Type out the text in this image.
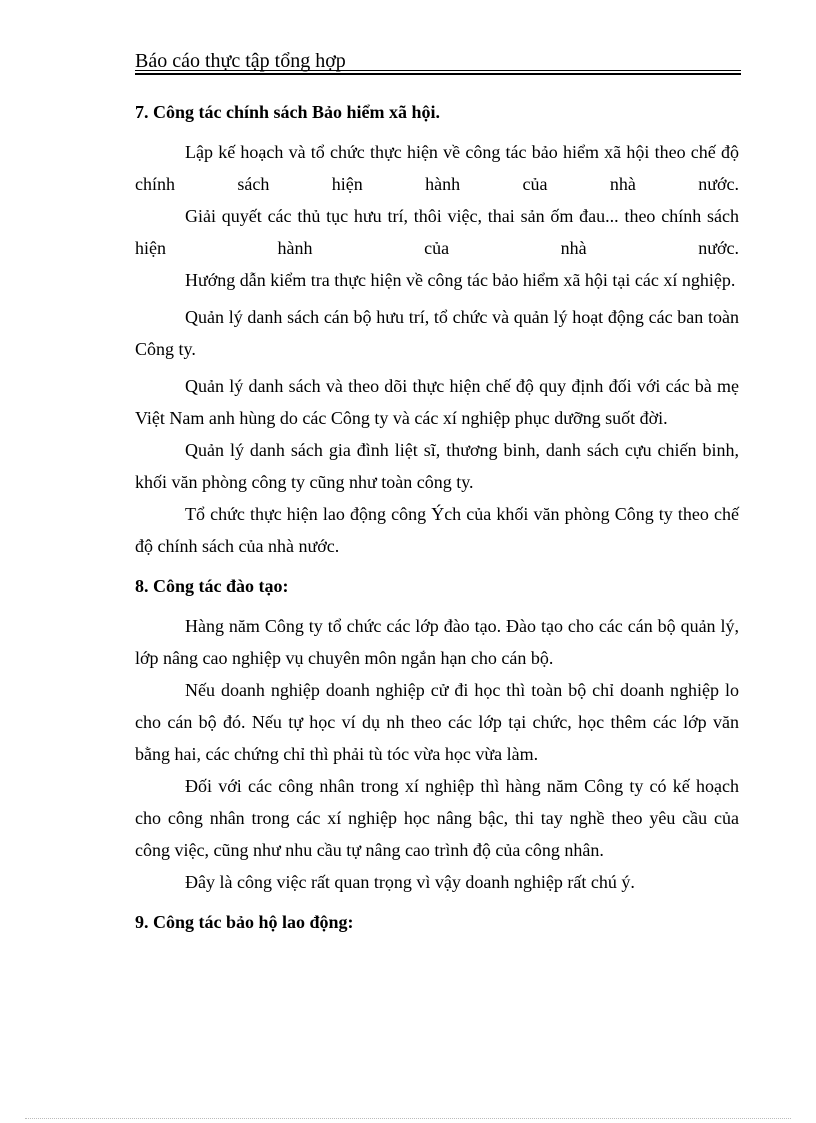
Báo cáo thực tập tổng hợp
7. Công tác chính sách Bảo hiểm xã hội.

Lập kế hoạch và tổ chức thực hiện về công tác bảo hiểm xã hội theo chế độ chính sách hiện hành của nhà nước.

Giải quyết các thủ tục hưu trí, thôi việc, thai sản ốm đau... theo chính sách hiện hành của nhà nước.

Hướng dẫn kiểm tra thực hiện về công tác bảo hiểm xã hội tại các xí nghiệp.

Quản lý danh sách cán bộ hưu trí, tổ chức và quản lý hoạt động các ban toàn Công ty.

Quản lý danh sách và theo dõi thực hiện chế độ quy định đối với các bà mẹ Việt Nam anh hùng do các Công ty và các xí nghiệp phục dưỡng suốt đời.

Quản lý danh sách gia đình liệt sĩ, thương binh, danh sách cựu chiến binh, khối văn phòng công ty cũng như toàn công ty.

Tổ chức thực hiện lao động công Ých của khối văn phòng Công ty theo chế độ chính sách của nhà nước.

8. Công tác đào tạo:

Hàng năm Công ty tổ chức các lớp đào tạo. Đào tạo cho các cán bộ quản lý, lớp nâng cao nghiệp vụ chuyên môn ngắn hạn cho cán bộ.

Nếu doanh nghiệp doanh nghiệp cử đi học thì toàn bộ chỉ doanh nghiệp lo cho cán bộ đó. Nếu tự học ví dụ nh theo các lớp tại chức, học thêm các lớp văn bằng hai, các chứng chỉ thì phải tù tóc vừa học vừa làm.

Đối với các công nhân trong xí nghiệp thì hàng năm Công ty có kế hoạch cho công nhân trong các xí nghiệp học nâng bậc, thi tay nghề theo yêu cầu của công việc, cũng như nhu cầu tự nâng cao trình độ của công nhân.

Đây là công việc rất quan trọng vì vậy doanh nghiệp rất chú ý.

9. Công tác bảo hộ lao động:
